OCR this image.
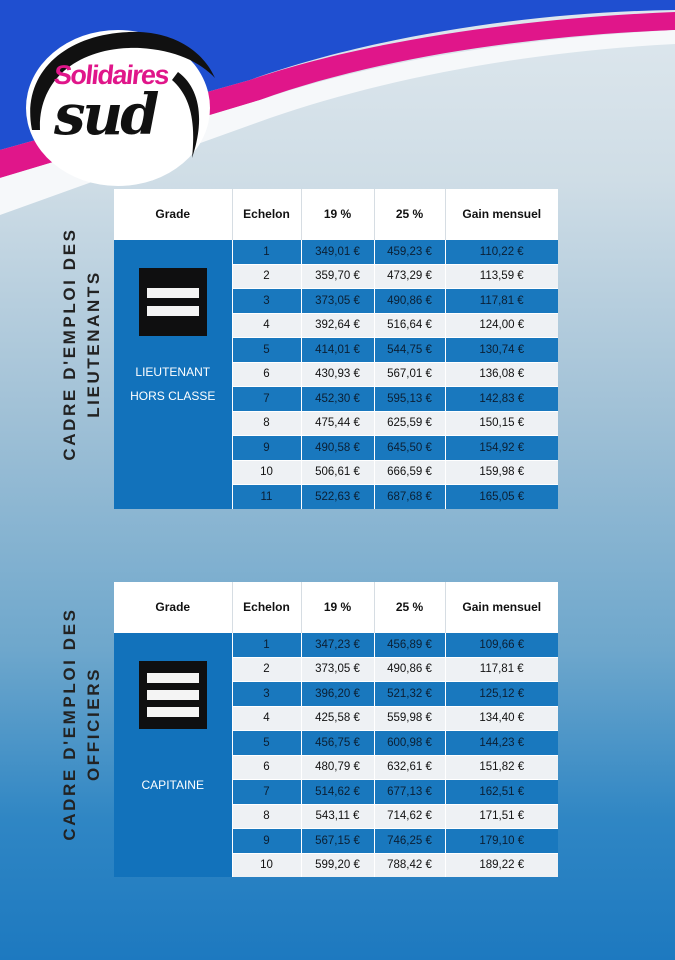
Solidaires
sud
CADRE D'EMPLOI DES LIEUTENANTS
Grade	Echelon	19 %	25 %	Gain mensuel

LIEUTENANT
HORS CLASSE	1	349,01 €	459,23 €	110,22 €
	2	359,70 €	473,29 €	113,59 €
	3	373,05 €	490,86 €	117,81 €
	4	392,64 €	516,64 €	124,00 €
	5	414,01 €	544,75 €	130,74 €
	6	430,93 €	567,01 €	136,08 €
	7	452,30 €	595,13 €	142,83 €
	8	475,44 €	625,59 €	150,15 €
	9	490,58 €	645,50 €	154,92 €
	10	506,61 €	666,59 €	159,98 €
	11	522,63 €	687,68 €	165,05 €
CADRE D'EMPLOI DES OFFICIERS
Grade	Echelon	19 %	25 %	Gain mensuel

CAPITAINE	1	347,23 €	456,89 €	109,66 €
	2	373,05 €	490,86 €	117,81 €
	3	396,20 €	521,32 €	125,12 €
	4	425,58 €	559,98 €	134,40 €
	5	456,75 €	600,98 €	144,23 €
	6	480,79 €	632,61 €	151,82 €
	7	514,62 €	677,13 €	162,51 €
	8	543,11 €	714,62 €	171,51 €
	9	567,15 €	746,25 €	179,10 €
	10	599,20 €	788,42 €	189,22 €
